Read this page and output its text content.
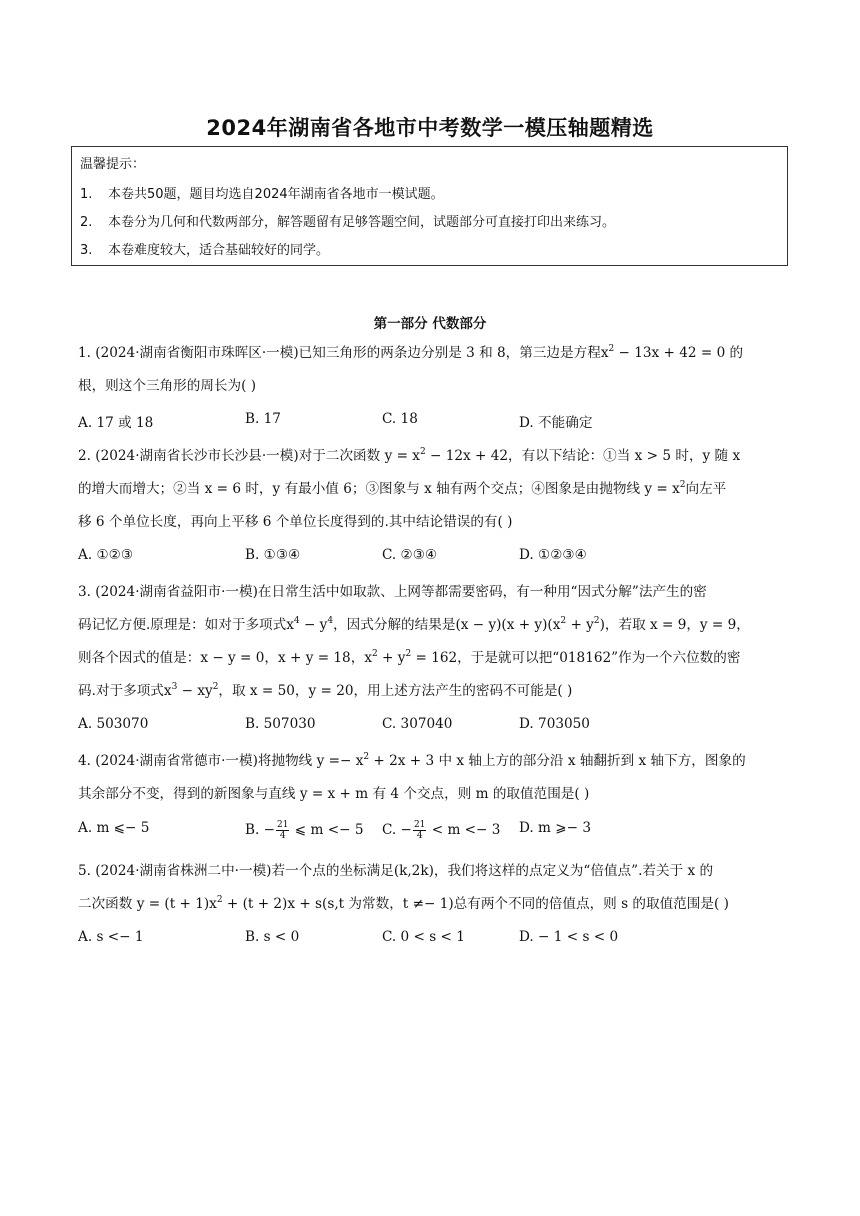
2024年湖南省各地市中考数学一模压轴题精选
温馨提示：
1. 本卷共50题，题目均选自2024年湖南省各地市一模试题。
2. 本卷分为几何和代数两部分，解答题留有足够答题空间，试题部分可直接打印出来练习。
3. 本卷难度较大，适合基础较好的同学。
第一部分 代数部分
1. (2024·湖南省衡阳市珠晖区·一模)已知三角形的两条边分别是 3 和 8，第三边是方程$x^2 - 13x + 42 = 0$ 的
根，则这个三角形的周长为( )
A. 17 或 18	B. 17	C. 18	D. 不能确定
2. (2024·湖南省长沙市长沙县·一模)对于二次函数 $y = x^2 - 12x + 42$，有以下结论：①当 x > 5 时，y 随 x
的增大而增大；②当 x = 6 时，y 有最小值 6；③图象与 x 轴有两个交点；④图象是由抛物线 $y = x^2$向左平
移 6 个单位长度，再向上平移 6 个单位长度得到的.其中结论错误的有( )
A. ①②③	B. ①③④	C. ②③④	D. ①②③④
3. (2024·湖南省益阳市·一模)在日常生活中如取款、上网等都需要密码，有一种用“因式分解”法产生的密
码记忆方便.原理是：如对于多项式$x^4 - y^4$，因式分解的结果是$(x - y)(x + y)(x^2 + y^2)$，若取 x = 9，y = 9，
则各个因式的值是：x − y = 0，x + y = 18，$x^2 + y^2 = 162$，于是就可以把“018162”作为一个六位数的密
码.对于多项式$x^3 - xy^2$，取 x = 50，y = 20，用上述方法产生的密码不可能是( )
A. 503070	B. 507030	C. 307040	D. 703050
4. (2024·湖南省常德市·一模)将抛物线 $y =- x^2 + 2x + 3$ 中 x 轴上方的部分沿 x 轴翻折到 x 轴下方，图象的
其余部分不变，得到的新图象与直线 y = x + m 有 4 个交点，则 m 的取值范围是( )
A. m ⩽− 5	B. − $\frac{21}{4}$ ⩽ m <− 5 C. − $\frac{21}{4} < m <- 3$ D. m ⩾− 3
5. (2024·湖南省株洲二中·一模)若一个点的坐标满足(k,2k)，我们将这样的点定义为“倍值点”.若关于 x 的
二次函数 $y = (t + 1)x^2 + (t + 2)x + s(s,t$ 为常数，t ≠− 1)总有两个不同的倍值点，则 s 的取值范围是( )
A. s <− 1	B. s < 0	C. 0 < s < 1	D. − 1 < s < 0
